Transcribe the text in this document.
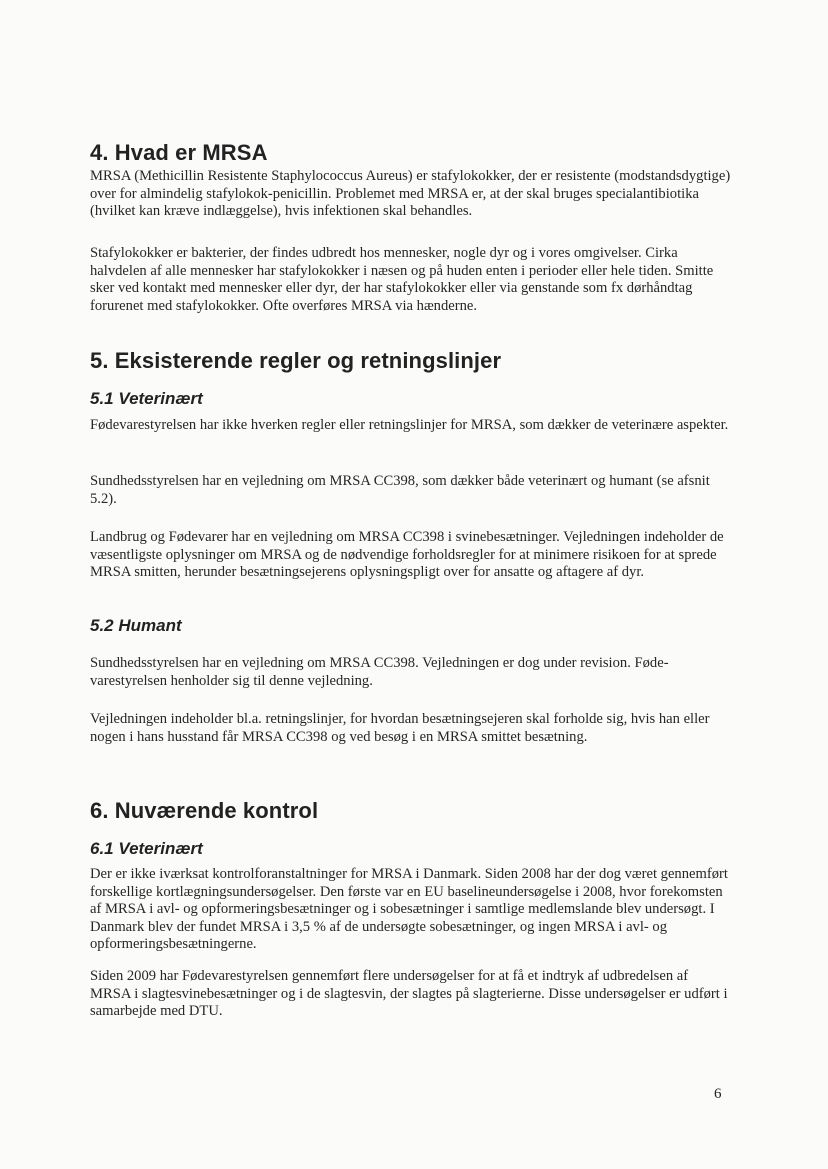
4. Hvad er MRSA

MRSA (Methicillin Resistente Staphylococcus Aureus) er stafylokokker, der er resistente (modstandsdygtige) over for almindelig stafylokok-penicillin. Problemet med MRSA er, at der skal bruges specialantibiotika (hvilket kan kræve indlæggelse), hvis infektionen skal behandles.

Stafylokokker er bakterier, der findes udbredt hos mennesker, nogle dyr og i vores omgivelser. Cirka halvdelen af alle mennesker har stafylokokker i næsen og på huden enten i perioder eller hele tiden. Smitte sker ved kontakt med mennesker eller dyr, der har stafylokokker eller via genstande som fx dørhåndtag forurenet med stafylokokker. Ofte overføres MRSA via hænderne.

5. Eksisterende regler og retningslinjer
5.1 Veterinært

Fødevarestyrelsen har ikke hverken regler eller retningslinjer for MRSA, som dækker de veterinære aspekter.

Sundhedsstyrelsen har en vejledning om MRSA CC398, som dækker både veterinært og humant (se afsnit 5.2).

Landbrug og Fødevarer har en vejledning om MRSA CC398 i svinebesætninger. Vejledningen indeholder de væsentligste oplysninger om MRSA og de nødvendige forholdsregler for at minimere risikoen for at sprede MRSA smitten, herunder besætningsejerens oplysningspligt over for ansatte og aftagere af dyr.

5.2 Humant

Sundhedsstyrelsen har en vejledning om MRSA CC398. Vejledningen er dog under revision. Fødevarestyrelsen henholder sig til denne vejledning.

Vejledningen indeholder bl.a. retningslinjer, for hvordan besætningsejeren skal forholde sig, hvis han eller nogen i hans husstand får MRSA CC398 og ved besøg i en MRSA smittet besætning.

6. Nuværende kontrol
6.1 Veterinært

Der er ikke iværksat kontrolforanstaltninger for MRSA i Danmark. Siden 2008 har der dog været gennemført forskellige kortlægningsundersøgelser. Den første var en EU baselineundersøgelse i 2008, hvor forekomsten af MRSA i avl- og opformeringsbesætninger og i sobesætninger i samtlige medlemslande blev undersøgt. I Danmark blev der fundet MRSA i 3,5 % af de undersøgte sobesætninger, og ingen MRSA i avl- og opformeringsbesætningerne.

Siden 2009 har Fødevarestyrelsen gennemført flere undersøgelser for at få et indtryk af udbredelsen af MRSA i slagtesvinebesætninger og i de slagtesvin, der slagtes på slagterierne. Disse undersøgelser er udført i samarbejde med DTU.

6
